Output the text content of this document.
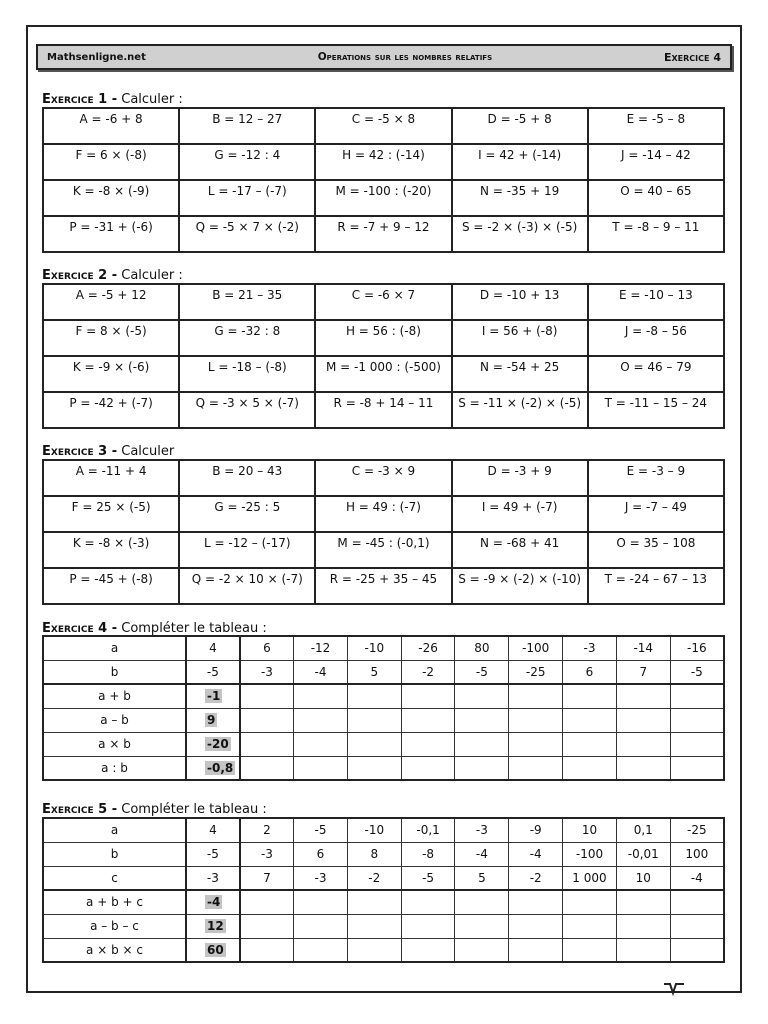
Mathsenligne.net	Operations sur les nombres relatifs	Exercice 4
Exercice 1 - Calculer :
A = -6 + 8	B = 12 – 27	C = -5 × 8	D = -5 + 8	E = -5 – 8
F = 6 × (-8)	G = -12 : 4	H = 42 : (-14)	I = 42 + (-14)	J = -14 – 42
K = -8 × (-9)	L = -17 – (-7)	M = -100 : (-20)	N = -35 + 19	O = 40 – 65
P = -31 + (-6)	Q = -5 × 7 × (-2)	R = -7 + 9 – 12	S = -2 × (-3) × (-5)	T = -8 – 9 – 11
Exercice 2 - Calculer :
A = -5 + 12	B = 21 – 35	C = -6 × 7	D = -10 + 13	E = -10 – 13
F = 8 × (-5)	G = -32 : 8	H = 56 : (-8)	I = 56 + (-8)	J = -8 – 56
K = -9 × (-6)	L = -18 – (-8)	M = -1 000 : (-500)	N = -54 + 25	O = 46 – 79
P = -42 + (-7)	Q = -3 × 5 × (-7)	R = -8 + 14 – 11	S = -11 × (-2) × (-5)	T = -11 – 15 – 24
Exercice 3 - Calculer
A = -11 + 4	B = 20 – 43	C = -3 × 9	D = -3 + 9	E = -3 – 9
F = 25 × (-5)	G = -25 : 5	H = 49 : (-7)	I = 49 + (-7)	J = -7 – 49
K = -8 × (-3)	L = -12 – (-17)	M = -45 : (-0,1)	N = -68 + 41	O = 35 – 108
P = -45 + (-8)	Q = -2 × 10 × (-7)	R = -25 + 35 – 45	S = -9 × (-2) × (-10)	T = -24 – 67 – 13
Exercice 4 - Compléter le tableau :
a	4	6	-12	-10	-26	80	-100	-3	-14	-16
b	-5	-3	-4	5	-2	-5	-25	6	7	-5
a + b	-1									
a – b	9									
a × b	-20									
a : b	-0,8									
Exercice 5 - Compléter le tableau :
a	4	2	-5	-10	-0,1	-3	-9	10	0,1	-25
b	-5	-3	6	8	-8	-4	-4	-100	-0,01	100
c	-3	7	-3	-2	-5	5	-2	1 000	10	-4
a + b + c	-4									
a – b – c	12									
a × b × c	60									
